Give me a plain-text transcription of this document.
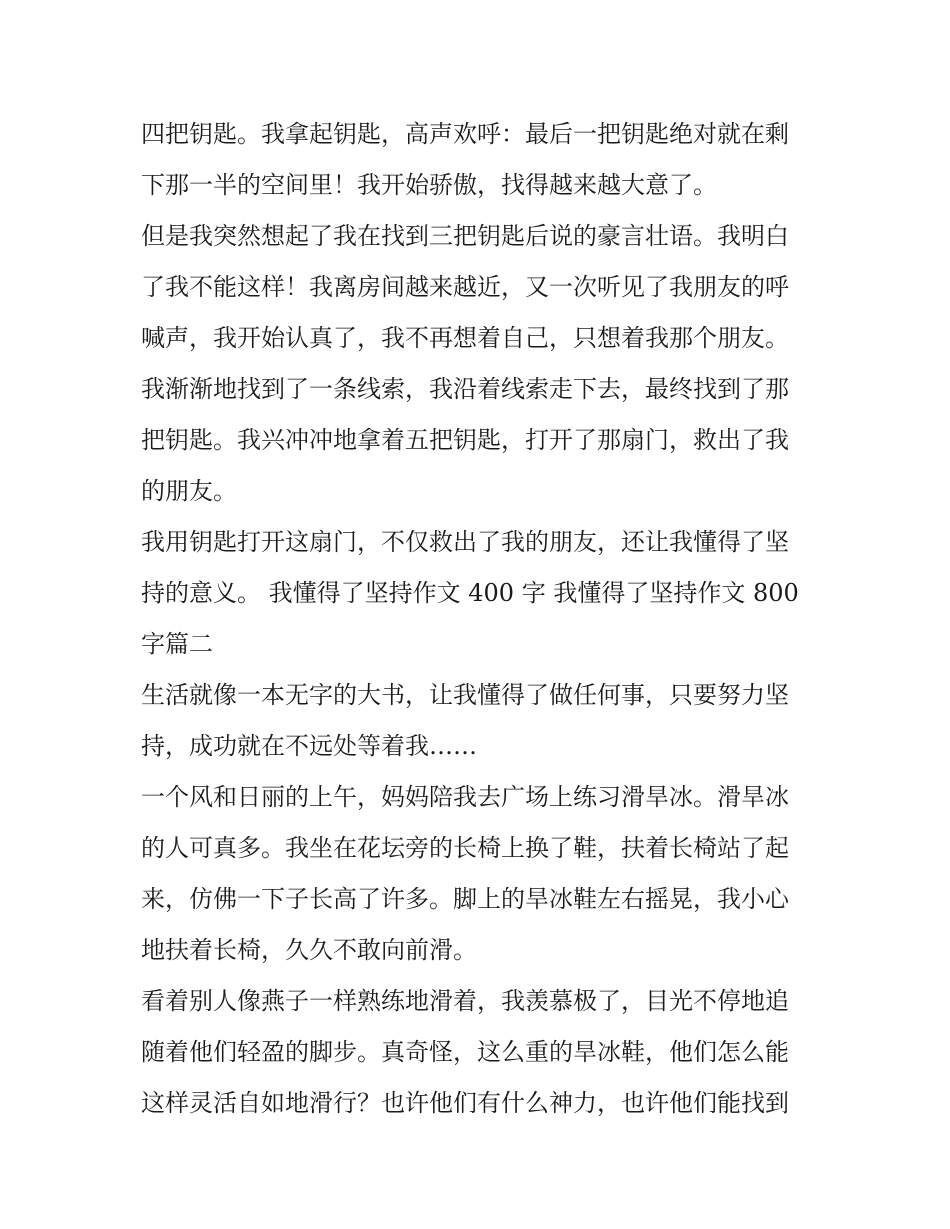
四把钥匙。我拿起钥匙，高声欢呼：最后一把钥匙绝对就在剩
下那一半的空间里！我开始骄傲，找得越来越大意了。

但是我突然想起了我在找到三把钥匙后说的豪言壮语。我明白
了我不能这样！我离房间越来越近，又一次听见了我朋友的呼
喊声，我开始认真了，我不再想着自己，只想着我那个朋友。

我渐渐地找到了一条线索，我沿着线索走下去，最终找到了那
把钥匙。我兴冲冲地拿着五把钥匙，打开了那扇门，救出了我
的朋友。

我用钥匙打开这扇门，不仅救出了我的朋友，还让我懂得了坚
持的意义。 我懂得了坚持作文 400 字 我懂得了坚持作文 800
字篇二

生活就像一本无字的大书，让我懂得了做任何事，只要努力坚
持，成功就在不远处等着我……

一个风和日丽的上午，妈妈陪我去广场上练习滑旱冰。滑旱冰
的人可真多。我坐在花坛旁的长椅上换了鞋，扶着长椅站了起
来，仿佛一下子长高了许多。脚上的旱冰鞋左右摇晃，我小心
地扶着长椅，久久不敢向前滑。

看着别人像燕子一样熟练地滑着，我羡慕极了，目光不停地追
随着他们轻盈的脚步。真奇怪，这么重的旱冰鞋，他们怎么能
这样灵活自如地滑行？也许他们有什么神力，也许他们能找到
